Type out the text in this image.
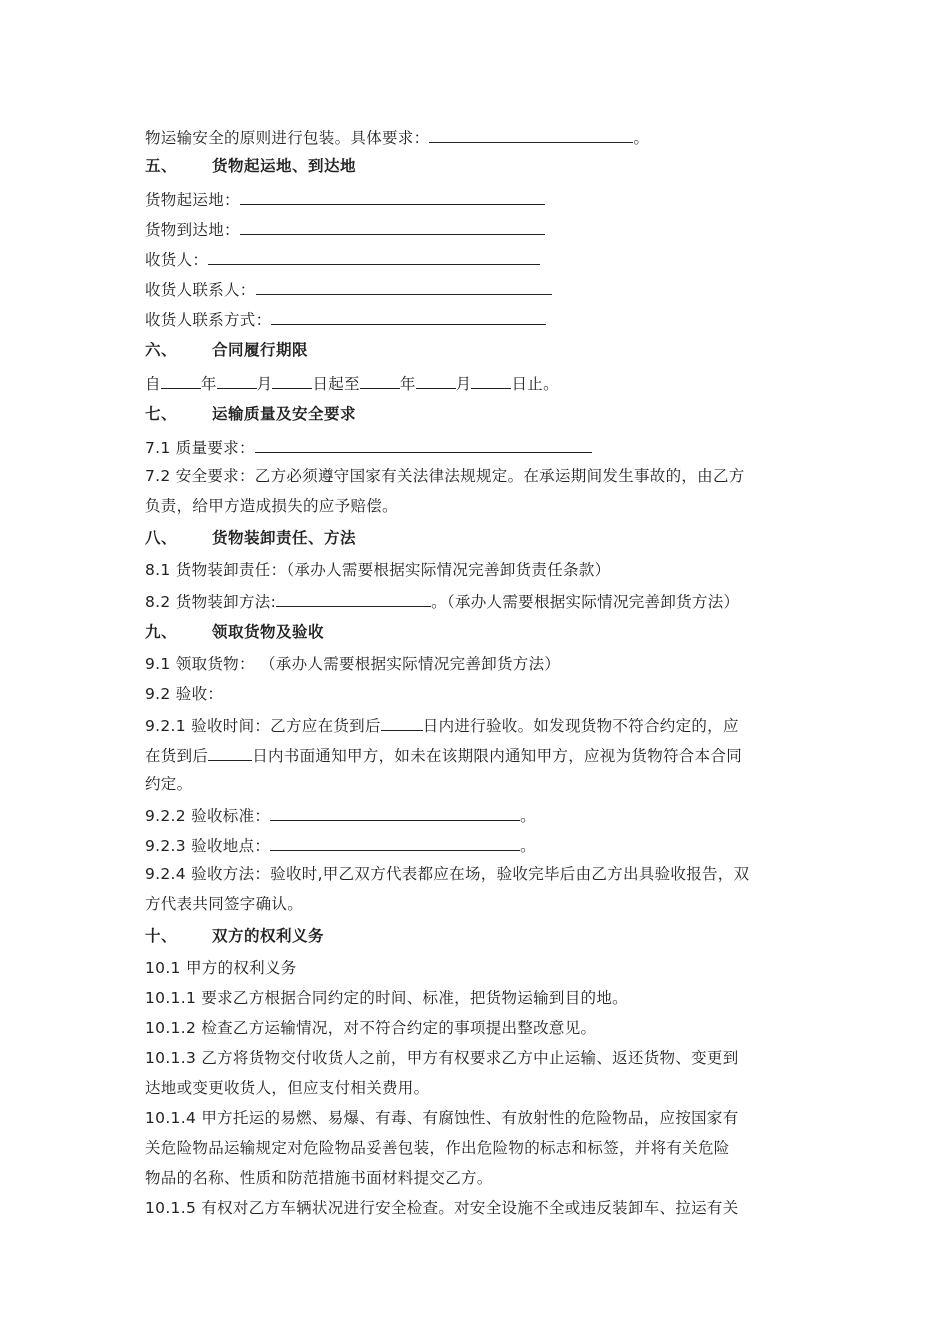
物运输安全的原则进行包装。具体要求：	。
五、 货物起运地、到达地
货物起运地：
货物到达地：
收货人：
收货人联系人：
收货人联系方式：
六、 合同履行期限
自	年	月	日起至	年	月	日止。
七、 运输质量及安全要求
7.1 质量要求：
7.2 安全要求：乙方必须遵守国家有关法律法规规定。在承运期间发生事故的，由乙方
负责，给甲方造成损失的应予赔偿。
八、 货物装卸责任、方法
8.1 货物装卸责任：（承办人需要根据实际情况完善卸货责任条款）
8.2 货物装卸方法:	。（承办人需要根据实际情况完善卸货方法）
九、 领取货物及验收
9.1 领取货物： （承办人需要根据实际情况完善卸货方法）
9.2 验收：
9.2.1 验收时间：乙方应在货到后	日内进行验收。如发现货物不符合约定的，应
在货到后	日内书面通知甲方，如未在该期限内通知甲方，应视为货物符合本合同
约定。
9.2.2 验收标准：	。
9.2.3 验收地点：	。
9.2.4 验收方法：验收时,甲乙双方代表都应在场，验收完毕后由乙方出具验收报告，双
方代表共同签字确认。
十、 双方的权利义务
10.1 甲方的权利义务
10.1.1 要求乙方根据合同约定的时间、标准，把货物运输到目的地。
10.1.2 检查乙方运输情况，对不符合约定的事项提出整改意见。
10.1.3 乙方将货物交付收货人之前，甲方有权要求乙方中止运输、返还货物、变更到
达地或变更收货人，但应支付相关费用。
10.1.4 甲方托运的易燃、易爆、有毒、有腐蚀性、有放射性的危险物品，应按国家有
关危险物品运输规定对危险物品妥善包装，作出危险物的标志和标签，并将有关危险
物品的名称、性质和防范措施书面材料提交乙方。
10.1.5 有权对乙方车辆状况进行安全检查。对安全设施不全或违反装卸车、拉运有关
